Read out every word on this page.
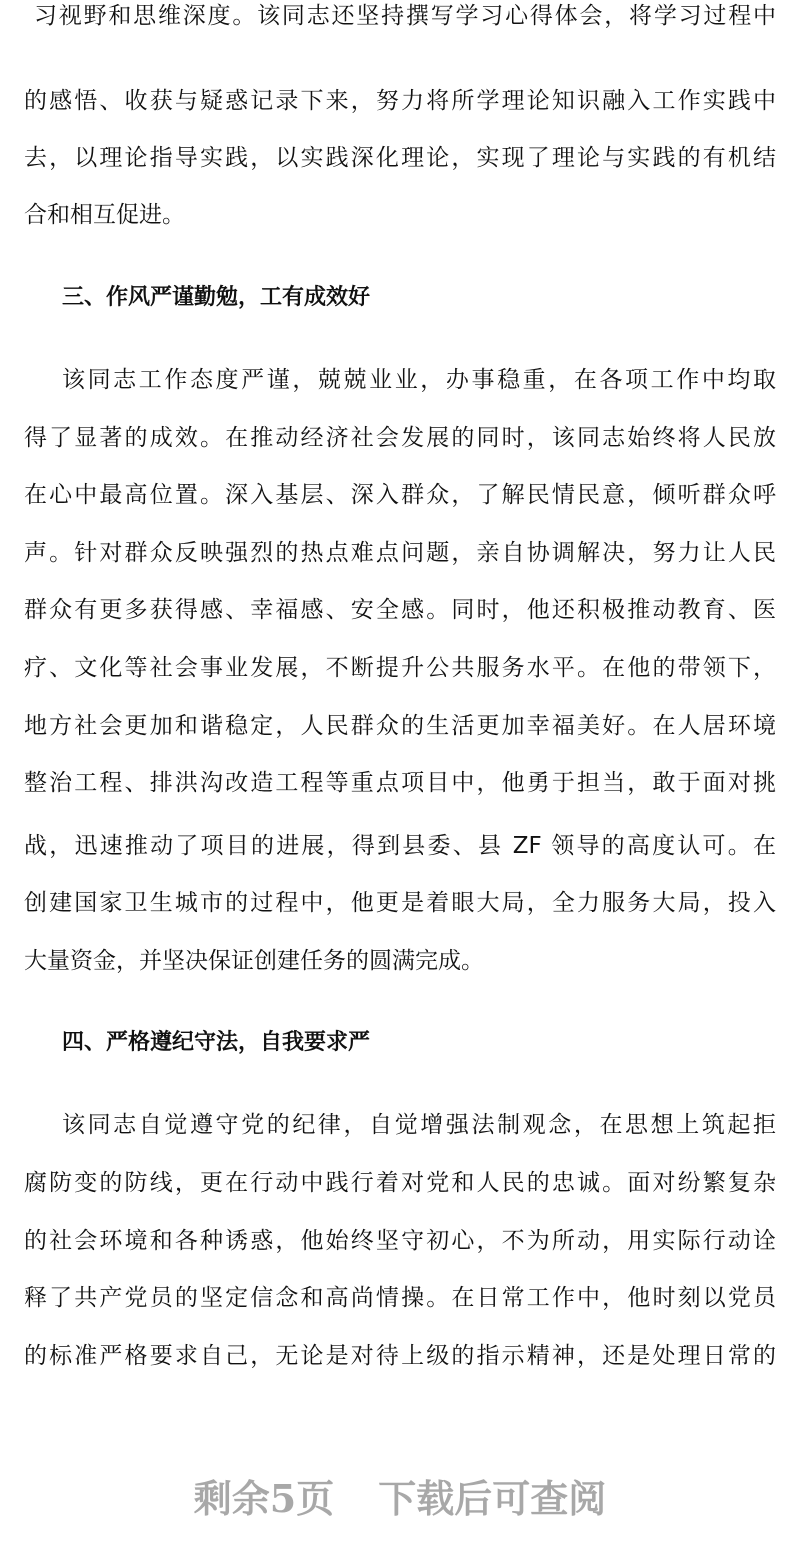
习视野和思维深度。该同志还坚持撰写学习心得体会，将学习过程中
的感悟、收获与疑惑记录下来，努力将所学理论知识融入工作实践中
去，以理论指导实践，以实践深化理论，实现了理论与实践的有机结
合和相互促进。
三、作风严谨勤勉，工有成效好
该同志工作态度严谨，兢兢业业，办事稳重，在各项工作中均取
得了显著的成效。在推动经济社会发展的同时，该同志始终将人民放
在心中最高位置。深入基层、深入群众，了解民情民意，倾听群众呼
声。针对群众反映强烈的热点难点问题，亲自协调解决，努力让人民
群众有更多获得感、幸福感、安全感。同时，他还积极推动教育、医
疗、文化等社会事业发展，不断提升公共服务水平。在他的带领下，
地方社会更加和谐稳定，人民群众的生活更加幸福美好。在人居环境
整治工程、排洪沟改造工程等重点项目中，他勇于担当，敢于面对挑
战，迅速推动了项目的进展，得到县委、县 ZF 领导的高度认可。在
创建国家卫生城市的过程中，他更是着眼大局，全力服务大局，投入
大量资金，并坚决保证创建任务的圆满完成。
四、严格遵纪守法，自我要求严
该同志自觉遵守党的纪律，自觉增强法制观念，在思想上筑起拒
腐防变的防线，更在行动中践行着对党和人民的忠诚。面对纷繁复杂
的社会环境和各种诱惑，他始终坚守初心，不为所动，用实际行动诠
释了共产党员的坚定信念和高尚情操。在日常工作中，他时刻以党员
的标准严格要求自己，无论是对待上级的指示精神，还是处理日常的
剩余5页 下载后可查阅
